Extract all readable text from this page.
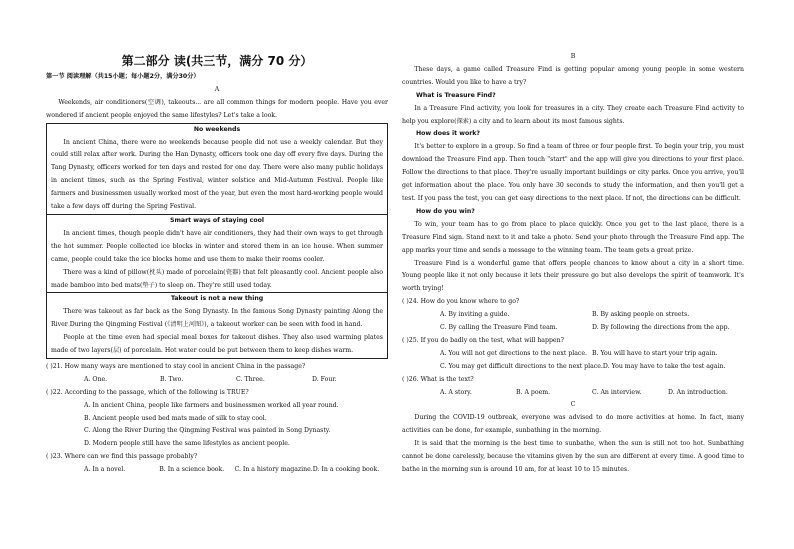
第二部分 读(共三节，满分 70 分）
第一节 阅读理解（共15小题；每小题2分，满分30分）
A
Weekends, air conditioners(空调), takeouts... are all common things for modern people. Have you ever wondered if ancient people enjoyed the same lifestyles? Let's take a look.
No weekends
In ancient China, there were no weekends because people did not use a weekly calendar. But they could still relax after work. During the Han Dynasty, officers took one day off every five days. During the Tang Dynasty, officers worked for ten days and rested for one day. There were also many public holidays in ancient times, such as the Spring Festival, winter solstice and Mid-Autumn Festival. People like farmers and businessmen usually worked most of the year, but even the most hard-working people would take a few days off during the Spring Festival.
Smart ways of staying cool
In ancient times, though people didn't have air conditioners, they had their own ways to get through the hot summer. People collected ice blocks in winter and stored them in an ice house. When summer came, people could take the ice blocks home and use them to make their rooms cooler.
There was a kind of pillow(枕头) made of porcelain(瓷器) that felt pleasantly cool. Ancient people also made bamboo into bed mats(垫子) to sleep on. They're still used today.
Takeout is not a new thing
There was takeout as far back as the Song Dynasty. In the famous Song Dynasty painting Along the River During the Qingming Festival (《清明上河图》), a takeout worker can be seen with food in hand.
People at the time even had special meal boxes for takeout dishes. They also used warming plates made of two layers(层) of porcelain. Hot water could be put between them to keep dishes warm.
( )21. How many ways are mentioned to stay cool in ancient China in the passage?
A. One.	B. Two.	C. Three.	D. Four.
( )22. According to the passage, which of the following is TRUE?
A. In ancient China, people like farmers and businessmen worked all year round.
B. Ancient people used bed mats made of silk to stay cool.
C. Along the River During the Qingming Festival was painted in Song Dynasty.
D. Modern people still have the same lifestyles as ancient people.
( )23. Where can we find this passage probably?
A. In a novel.	B. In a science book.	C. In a history magazine. D. In a cooking book.
B
These days, a game called Treasure Find is getting popular among young people in some western countries. Would you like to have a try?
What is Treasure Find?
In a Treasure Find activity, you look for treasures in a city. They create each Treasure Find activity to help you explore(探索) a city and to learn about its most famous sights.
How does it work?
It's better to explore in a group. So find a team of three or four people first. To begin your trip, you must download the Treasure Find app. Then touch "start" and the app will give you directions to your first place. Follow the directions to that place. They're usually important buildings or city parks. Once you arrive, you'll get information about the place. You only have 30 seconds to study the information, and then you'll get a test. If you pass the test, you can get easy directions to the next place. If not, the directions can be difficult.
How do you win?
To win, your team has to go from place to place quickly. Once you get to the last place, there is a Treasure Find sign. Stand next to it and take a photo. Send your photo through the Treasure Find app. The app marks your time and sends a message to the winning team. The team gets a great prize.
Treasure Find is a wonderful game that offers people chances to know about a city in a short time. Young people like it not only because it lets their pressure go but also develops the spirit of teamwork. It's worth trying!
( )24. How do you know where to go?
A. By inviting a guide.	B. By asking people on streets.
C. By calling the Treasure Find team.	D. By following the directions from the app.
( )25. If you do badly on the test, what will happen?
A. You will not get directions to the next place. B. You will have to start your trip again.
C. You may get difficult directions to the next place. D. You may have to take the test again.
( )26. What is the text?
A. A story.	B. A poem.	C. An interview.	D. An introduction.
C
During the COVID-19 outbreak, everyone was advised to do more activities at home. In fact, many activities can be done, for example, sunbathing in the morning.
It is said that the morning is the best time to sunbathe, when the sun is still not too hot. Sunbathing cannot be done carelessly, because the vitamins given by the sun are different at every time. A good time to bathe in the morning sun is around 10 am, for at least 10 to 15 minutes.
